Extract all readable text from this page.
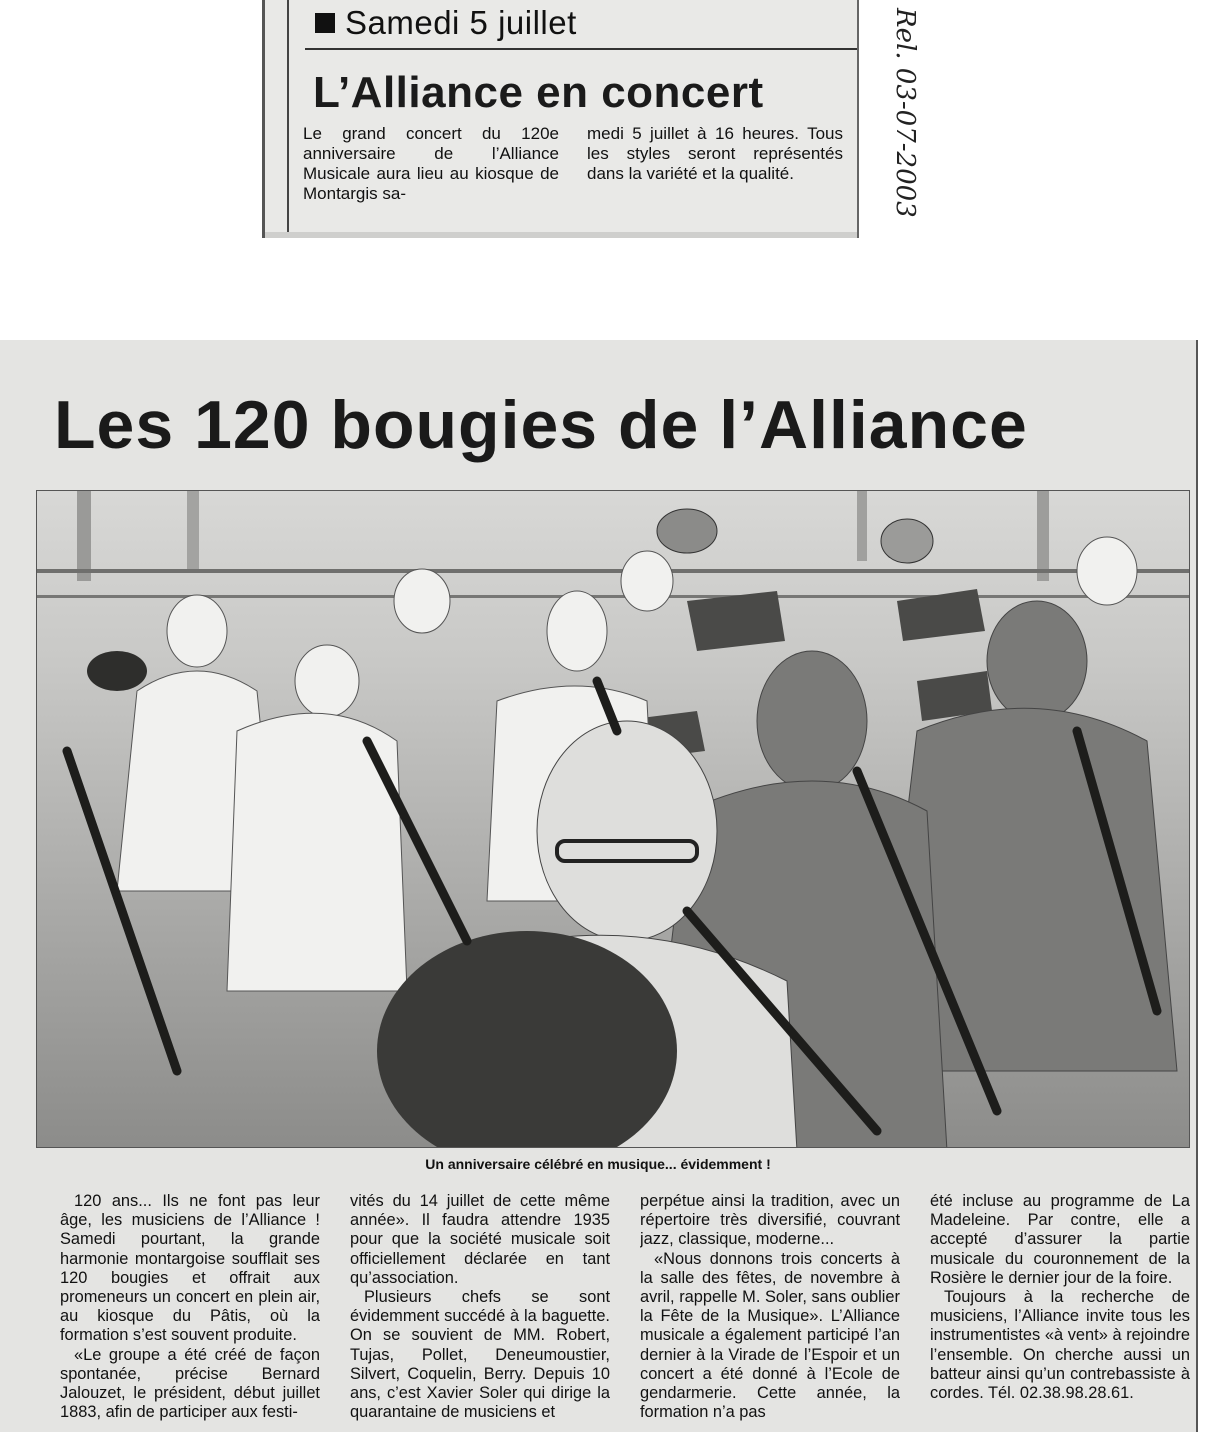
Samedi 5 juillet
L’Alliance en concert
Le grand concert du 120e anniversaire de l’Alliance Musicale aura lieu au kiosque de Montargis sa-
medi 5 juillet à 16 heures. Tous les styles seront représentés dans la variété et la qualité.	Rel. 03-07-2003
Les 120 bougies de l’Alliance
Un anniversaire célébré en musique... évidemment !

120 ans... Ils ne font pas leur âge, les musiciens de l’Alliance ! Samedi pourtant, la grande harmonie montargoise soufflait ses 120 bougies et offrait aux promeneurs un concert en plein air, au kiosque du Pâtis, où la formation s’est souvent produite.

«Le groupe a été créé de façon spontanée, précise Bernard Jalouzet, le président, début juillet 1883, afin de participer aux festi-

vités du 14 juillet de cette même année». Il faudra attendre 1935 pour que la société musicale soit officiellement déclarée en tant qu’association.

Plusieurs chefs se sont évidemment succédé à la baguette. On se souvient de MM. Robert, Tujas, Pollet, Deneumoustier, Silvert, Coquelin, Berry. Depuis 10 ans, c’est Xavier Soler qui dirige la quarantaine de musiciens et

perpétue ainsi la tradition, avec un répertoire très diversifié, couvrant jazz, classique, moderne...

«Nous donnons trois concerts à la salle des fêtes, de novembre à avril, rappelle M. Soler, sans oublier la Fête de la Musique». L’Alliance musicale a également participé l’an dernier à la Virade de l’Espoir et un concert a été donné à l’Ecole de gendarmerie. Cette année, la formation n’a pas

été incluse au programme de La Madeleine. Par contre, elle a accepté d’assurer la partie musicale du couronnement de la Rosière le dernier jour de la foire.

Toujours à la recherche de musiciens, l’Alliance invite tous les instrumentistes «à vent» à rejoindre l’ensemble. On cherche aussi un batteur ainsi qu’un contrebassiste à cordes. Tél. 02.38.98.28.61.
